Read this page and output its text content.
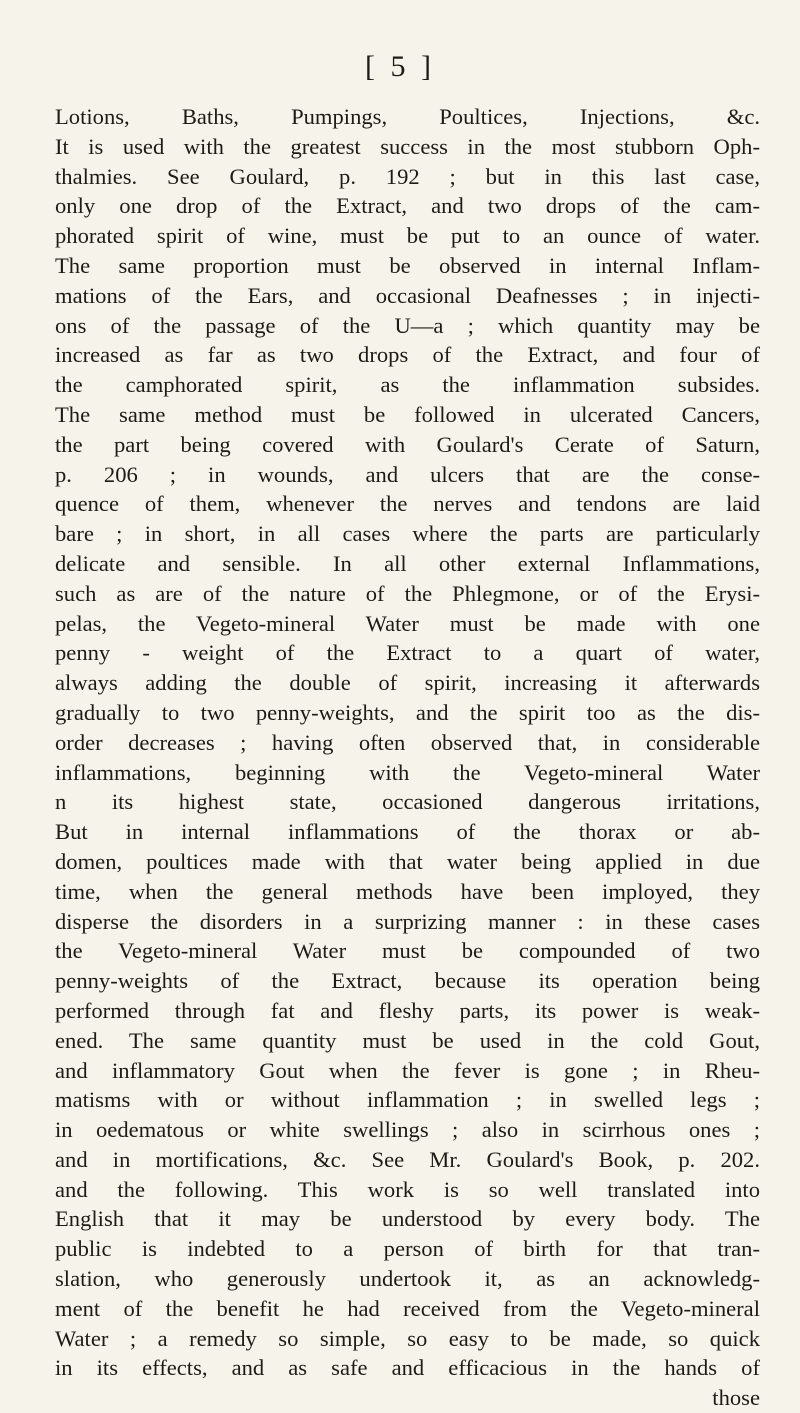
[ 5 ]
Lotions, Baths, Pumpings, Poultices, Injections, &c.
It is used with the greatest success in the most stubborn Oph-
thalmies. See Goulard, p. 192 ; but in this last case,
only one drop of the Extract, and two drops of the cam-
phorated spirit of wine, must be put to an ounce of water.
The same proportion must be observed in internal Inflam-
mations of the Ears, and occasional Deafnesses ; in injecti-
ons of the passage of the U—a ; which quantity may be
increased as far as two drops of the Extract, and four of
the camphorated spirit, as the inflammation subsides.
The same method must be followed in ulcerated Cancers,
the part being covered with Goulard's Cerate of Saturn,
p. 206 ; in wounds, and ulcers that are the conse-
quence of them, whenever the nerves and tendons are laid
bare ; in short, in all cases where the parts are particularly
delicate and sensible. In all other external Inflammations,
such as are of the nature of the Phlegmone, or of the Erysi-
pelas, the Vegeto-mineral Water must be made with one
penny - weight of the Extract to a quart of water,
always adding the double of spirit, increasing it afterwards
gradually to two penny-weights, and the spirit too as the dis-
order decreases ; having often observed that, in considerable
inflammations, beginning with the Vegeto-mineral Water
n its highest state, occasioned dangerous irritations,
But in internal inflammations of the thorax or ab-
domen, poultices made with that water being applied in due
time, when the general methods have been imployed, they
disperse the disorders in a surprizing manner : in these cases
the Vegeto-mineral Water must be compounded of two
penny-weights of the Extract, because its operation being
performed through fat and fleshy parts, its power is weak-
ened. The same quantity must be used in the cold Gout,
and inflammatory Gout when the fever is gone ; in Rheu-
matisms with or without inflammation ; in swelled legs ;
in oedematous or white swellings ; also in scirrhous ones ;
and in mortifications, &c. See Mr. Goulard's Book, p. 202.
and the following. This work is so well translated into
English that it may be understood by every body. The
public is indebted to a person of birth for that tran-
slation, who generously undertook it, as an acknowledg-
ment of the benefit he had received from the Vegeto-mineral
Water ; a remedy so simple, so easy to be made, so quick
in its effects, and as safe and efficacious in the hands of
those
